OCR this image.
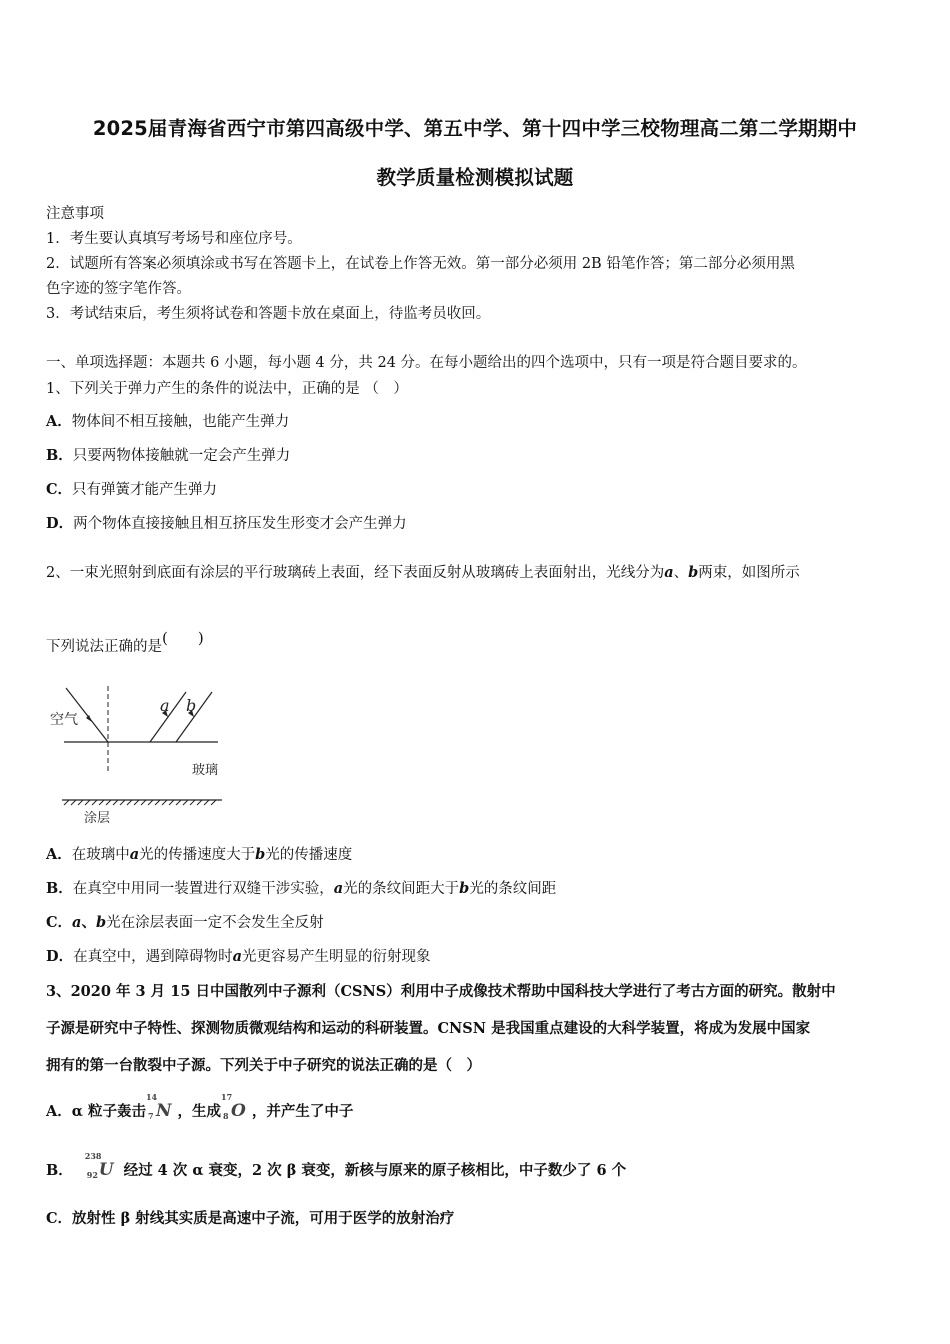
2025届青海省西宁市第四高级中学、第五中学、第十四中学三校物理高二第二学期期中
教学质量检测模拟试题
注意事项
1．考生要认真填写考场号和座位序号。
2．试题所有答案必须填涂或书写在答题卡上，在试卷上作答无效。第一部分必须用 2B 铅笔作答；第二部分必须用黑
色字迹的签字笔作答。
3．考试结束后，考生须将试卷和答题卡放在桌面上，待监考员收回。
一、单项选择题：本题共 6 小题，每小题 4 分，共 24 分。在每小题给出的四个选项中，只有一项是符合题目要求的。
1、下列关于弹力产生的条件的说法中，正确的是 （　）
A．物体间不相互接触，也能产生弹力
B．只要两物体接触就一定会产生弹力
C．只有弹簧才能产生弹力
D．两个物体直接接触且相互挤压发生形变才会产生弹力
2、一束光照射到底面有涂层的平行玻璃砖上表面，经下表面反射从玻璃砖上表面射出，光线分为a、b两束，如图所示
下列说法正确的是(　　)
空气
a b
玻璃
涂层
A．在玻璃中a光的传播速度大于b光的传播速度
B．在真空中用同一装置进行双缝干涉实验，a光的条纹间距大于b光的条纹间距
C．a、b光在涂层表面一定不会发生全反射
D．在真空中，遇到障碍物时a光更容易产生明显的衍射现象
3、2020 年 3 月 15 日中国散列中子源利（CSNS）利用中子成像技术帮助中国科技大学进行了考古方面的研究。散射中
子源是研究中子特性、探测物质微观结构和运动的科研装置。CNSN 是我国重点建设的大科学装置，将成为发展中国家
拥有的第一台散裂中子源。下列关于中子研究的说法正确的是（　）
A．α 粒子轰击
14
7 N ，生成
17
8 O ，并产生了中子
B．
238
92 U 经过 4 次 α 衰变，2 次 β 衰变，新核与原来的原子核相比，中子数少了 6 个
C．放射性 β 射线其实质是高速中子流，可用于医学的放射治疗
